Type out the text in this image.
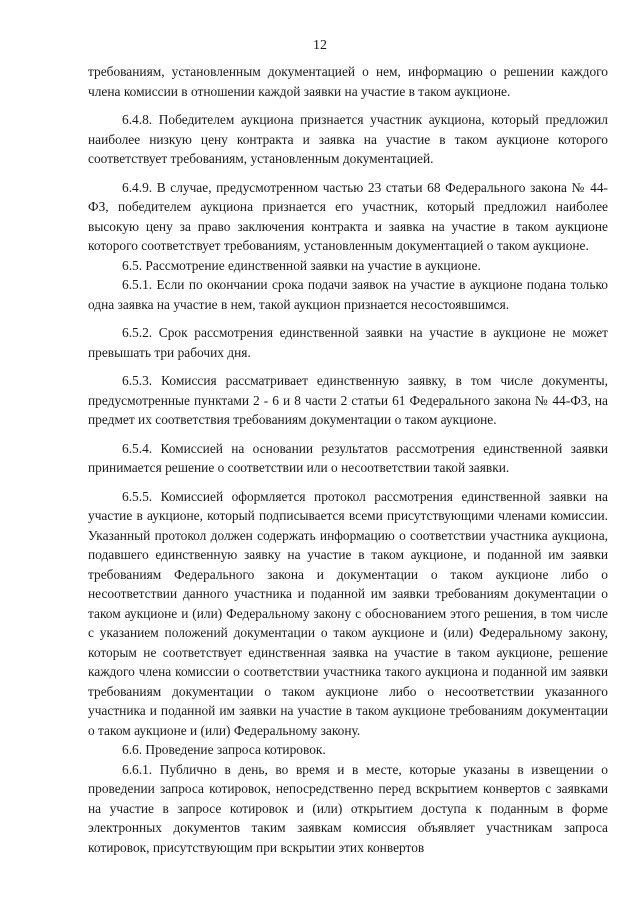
12

требованиям, установленным документацией о нем, информацию о решении каждого члена комиссии в отношении каждой заявки на участие в таком аукционе.

6.4.8. Победителем аукциона признается участник аукциона, который предложил наиболее низкую цену контракта и заявка на участие в таком аукционе которого соответствует требованиям, установленным документацией.

6.4.9. В случае, предусмотренном частью 23 статьи 68 Федерального закона № 44-ФЗ, победителем аукциона признается его участник, который предложил наиболее высокую цену за право заключения контракта и заявка на участие в таком аукционе которого соответствует требованиям, установленным документацией о таком аукционе.

6.5. Рассмотрение единственной заявки на участие в аукционе.

6.5.1. Если по окончании срока подачи заявок на участие в аукционе подана только одна заявка на участие в нем, такой аукцион признается несостоявшимся.

6.5.2. Срок рассмотрения единственной заявки на участие в аукционе не может превышать три рабочих дня.

6.5.3. Комиссия рассматривает единственную заявку, в том числе документы, предусмотренные пунктами 2 - 6 и 8 части 2 статьи 61 Федерального закона № 44-ФЗ, на предмет их соответствия требованиям документации о таком аукционе.

6.5.4. Комиссией на основании результатов рассмотрения единственной заявки принимается решение о соответствии или о несоответствии такой заявки.

6.5.5. Комиссией оформляется протокол рассмотрения единственной заявки на участие в аукционе, который подписывается всеми присутствующими членами комиссии. Указанный протокол должен содержать информацию о соответствии участника аукциона, подавшего единственную заявку на участие в таком аукционе, и поданной им заявки требованиям Федерального закона и документации о таком аукционе либо о несоответствии данного участника и поданной им заявки требованиям документации о таком аукционе и (или) Федеральному закону с обоснованием этого решения, в том числе с указанием положений документации о таком аукционе и (или) Федеральному закону, которым не соответствует единственная заявка на участие в таком аукционе, решение каждого члена комиссии о соответствии участника такого аукциона и поданной им заявки требованиям документации о таком аукционе либо о несоответствии указанного участника и поданной им заявки на участие в таком аукционе требованиям документации о таком аукционе и (или) Федеральному закону.

6.6. Проведение запроса котировок.

6.6.1. Публично в день, во время и в месте, которые указаны в извещении о проведении запроса котировок, непосредственно перед вскрытием конвертов с заявками на участие в запросе котировок и (или) открытием доступа к поданным в форме электронных документов таким заявкам комиссия объявляет участникам запроса котировок, присутствующим при вскрытии этих конвертов
